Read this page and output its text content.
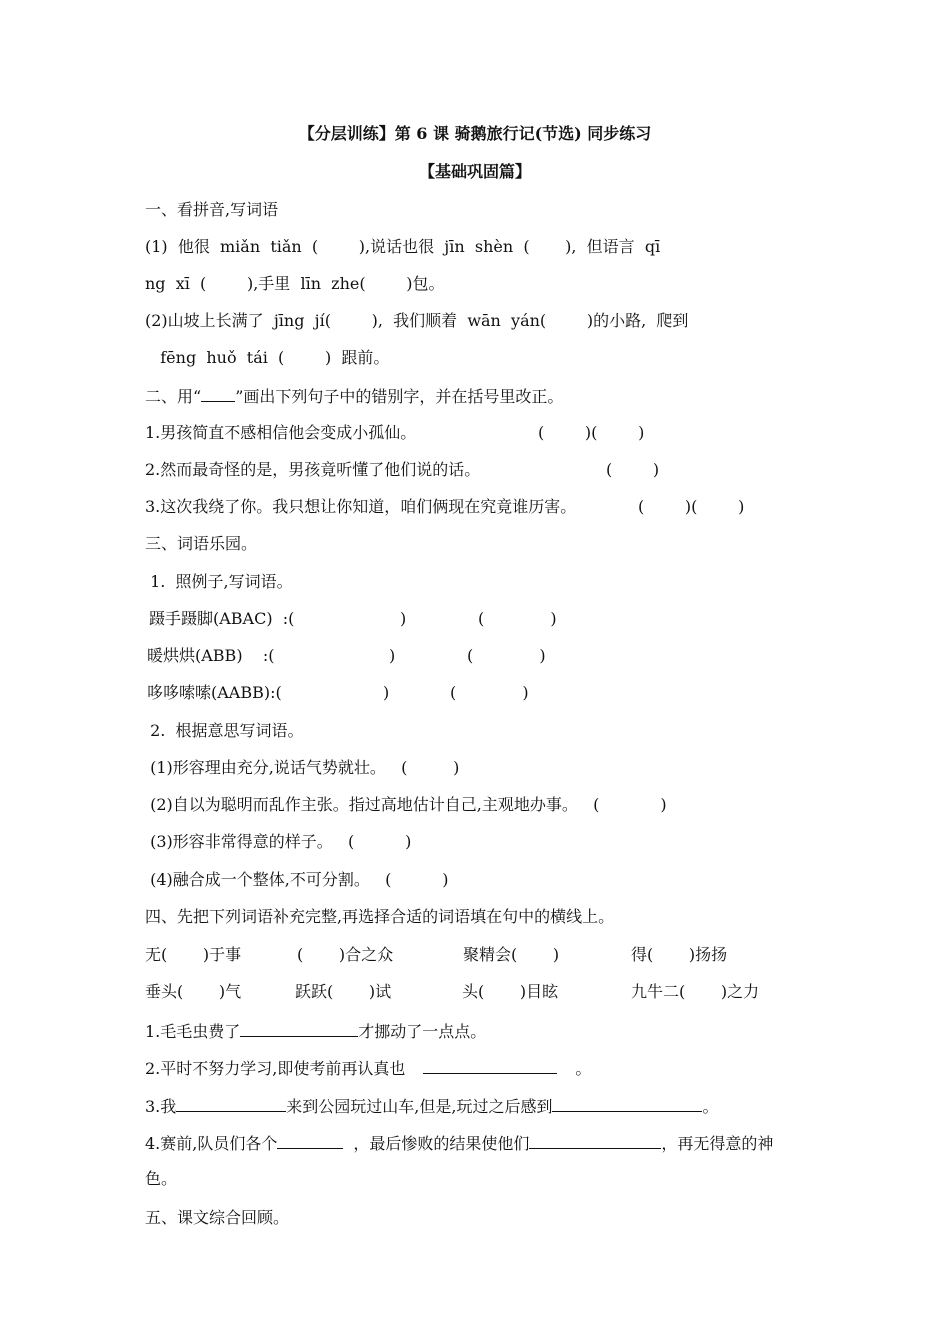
【分层训练】第 6 课 骑鹅旅行记(节选) 同步练习
【基础巩固篇】
一、看拼音,写词语
(1)  他很  miǎn  tiǎn  (        ),说话也很  jīn  shèn  (       ),  但语言  qī
ng  xī  (        ),手里  līn  zhe(        )包。
(2)山坡上长满了  jīng  jí(        ),  我们顺着  wān  yán(        )的小路,  爬到
fēng  huǒ  tái  (        )  跟前。
二、用“ ”画出下列句子中的错别字，并在括号里改正。
1.男孩简直不感相信他会变成小孤仙。	(        )(        )
2.然而最奇怪的是，男孩竟听懂了他们说的话。	(        )
3.这次我绕了你。我只想让你知道，咱们俩现在究竟谁历害。	(        )(        )
三、词语乐园。
1.  照例子,写词语。
蹑手蹑脚(ABAC)  :(	)	(             )
暖烘烘(ABB)    :(	)	(             )
哆哆嗦嗦(AABB):(	)	(             )
2.  根据意思写词语。
(1)形容理由充分,说话气势就壮。   (         )
(2)自以为聪明而乱作主张。指过高地估计自己,主观地办事。   (            )
(3)形容非常得意的样子。   (          )
(4)融合成一个整体,不可分割。   (          )
四、先把下列词语补充完整,再选择合适的词语填在句中的横线上。
无(       )于事	(       )合之众	聚精会(       )	得(       )扬扬
垂头(       )气	跃跃(       )试	头(       )目眩	九牛二(       )之力
1.毛毛虫费了	才挪动了一点点。
2.平时不努力学习,即使考前再认真也	。
3.我	来到公园玩过山车,但是,玩过之后感到	。
4.赛前,队员们各个	，最后惨败的结果使他们	，再无得意的神
色。
五、课文综合回顾。
